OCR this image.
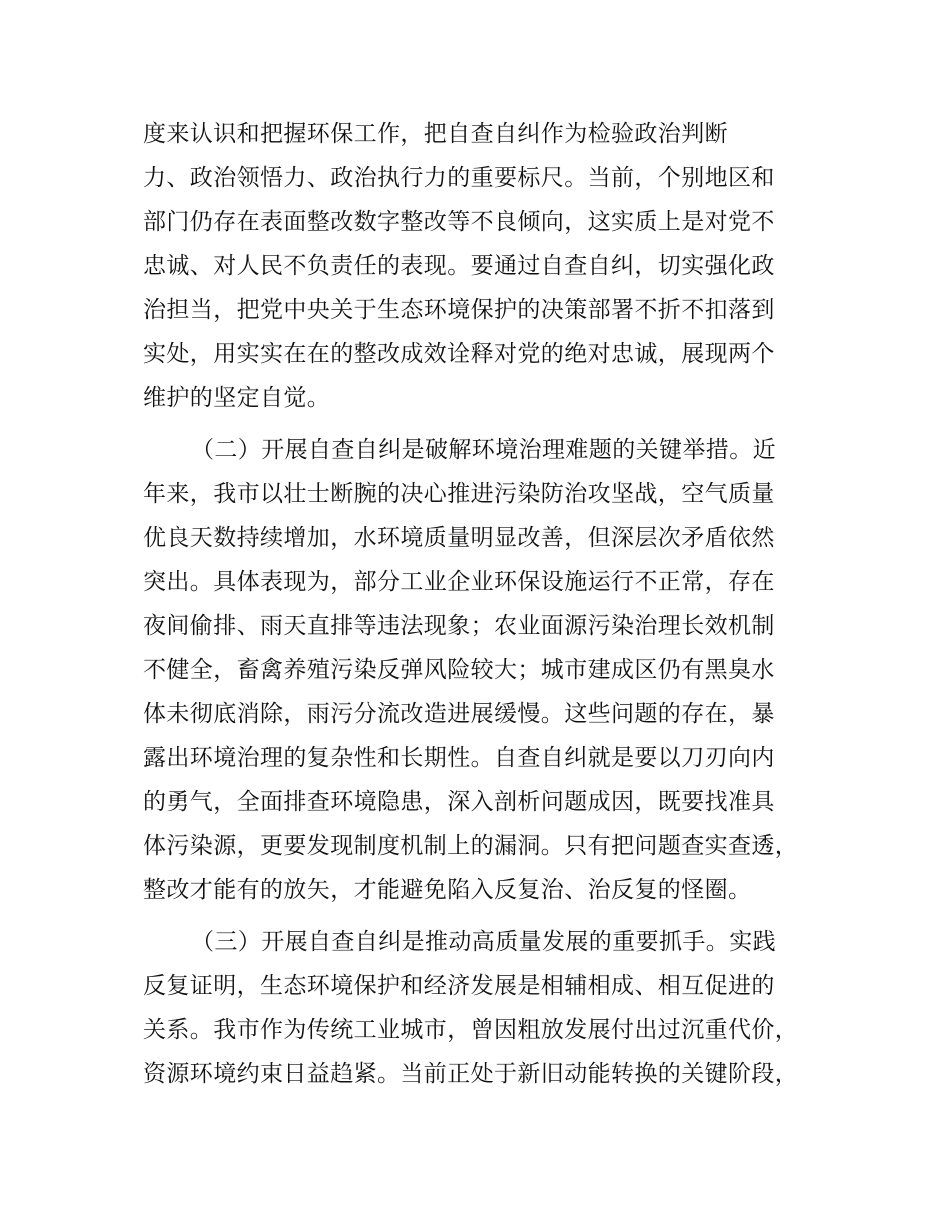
度来认识和把握环保工作，把自查自纠作为检验政治判断
力、政治领悟力、政治执行力的重要标尺。当前，个别地区和
部门仍存在表面整改数字整改等不良倾向，这实质上是对党不
忠诚、对人民不负责任的表现。要通过自查自纠，切实强化政
治担当，把党中央关于生态环境保护的决策部署不折不扣落到
实处，用实实在在的整改成效诠释对党的绝对忠诚，展现两个
维护的坚定自觉。
（二）开展自查自纠是破解环境治理难题的关键举措。近
年来，我市以壮士断腕的决心推进污染防治攻坚战，空气质量
优良天数持续增加，水环境质量明显改善，但深层次矛盾依然
突出。具体表现为，部分工业企业环保设施运行不正常，存在
夜间偷排、雨天直排等违法现象；农业面源污染治理长效机制
不健全，畜禽养殖污染反弹风险较大；城市建成区仍有黑臭水
体未彻底消除，雨污分流改造进展缓慢。这些问题的存在，暴
露出环境治理的复杂性和长期性。自查自纠就是要以刀刃向内
的勇气，全面排查环境隐患，深入剖析问题成因，既要找准具
体污染源，更要发现制度机制上的漏洞。只有把问题查实查透，
整改才能有的放矢，才能避免陷入反复治、治反复的怪圈。
（三）开展自查自纠是推动高质量发展的重要抓手。实践
反复证明，生态环境保护和经济发展是相辅相成、相互促进的
关系。我市作为传统工业城市，曾因粗放发展付出过沉重代价，
资源环境约束日益趋紧。当前正处于新旧动能转换的关键阶段，
